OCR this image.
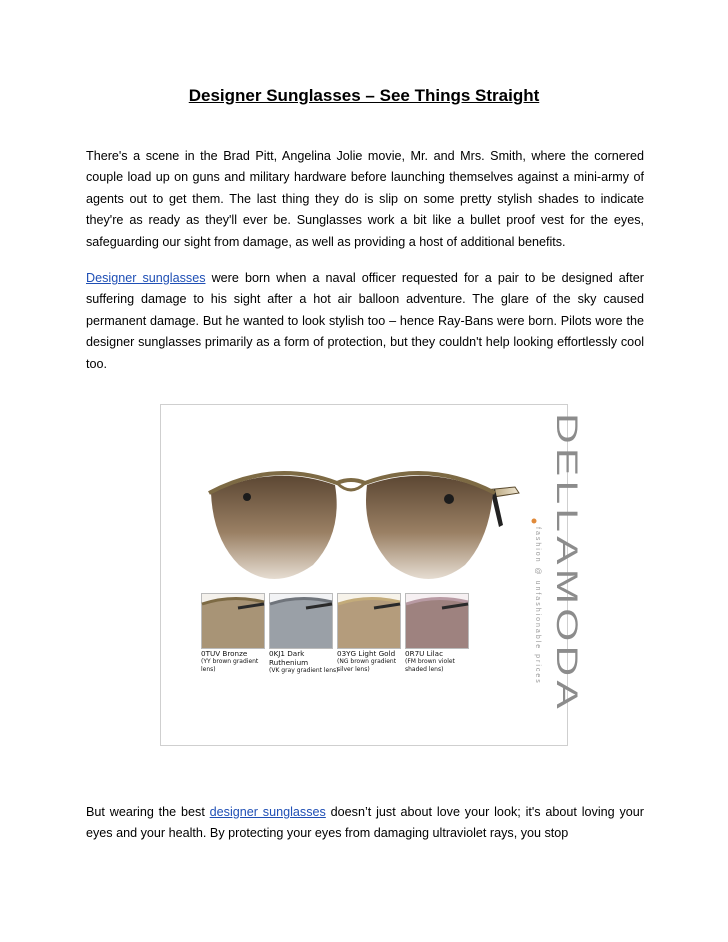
Designer Sunglasses – See Things Straight

There's a scene in the Brad Pitt, Angelina Jolie movie, Mr. and Mrs. Smith, where the cornered couple load up on guns and military hardware before launching themselves against a mini-army of agents out to get them. The last thing they do is slip on some pretty stylish shades to indicate they're as ready as they'll ever be. Sunglasses work a bit like a bullet proof vest for the eyes, safeguarding our sight from damage, as well as providing a host of additional benefits.

Designer sunglasses were born when a naval officer requested for a pair to be designed after suffering damage to his sight after a hot air balloon adventure. The glare of the sky caused permanent damage. But he wanted to look stylish too – hence Ray-Bans were born. Pilots wore the designer sunglasses primarily as a form of protection, but they couldn't help looking effortlessly cool too.

DELLAMODA
fashion @ unfashionable prices
0TUV Bronze
(YY brown gradient lens)
0KJ1 Dark Ruthenium
(VK gray gradient lens)
03YG Light Gold
(NG brown gradient silver lens)
0R7U Lilac
(FM brown violet shaded lens)

But wearing the best designer sunglasses doesn’t just about love your look; it's about loving your eyes and your health. By protecting your eyes from damaging ultraviolet rays, you stop
